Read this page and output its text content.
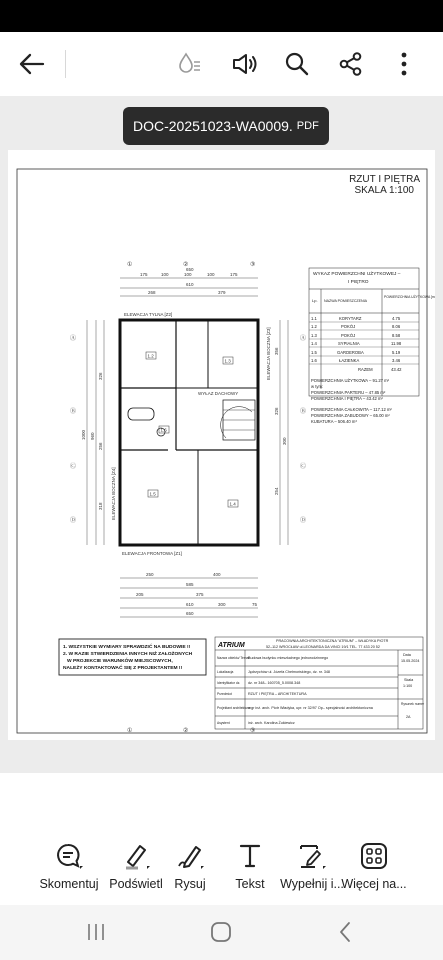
DOC-20251023-WA0009. PDF
RZUT I PIĘTRA
SKALA 1:100
175	100	100	100	175
650
610
268	379
①	②	③
①	②	③
Ⓐ
Ⓑ
Ⓒ
Ⓓ
Ⓐ
Ⓑ
Ⓒ
Ⓓ
1000 960
326
256
318
356
326
254
300
1.2
1.3
1.6
1.5
1.4
WYŁAZ DACHOWY
ELEWACJA TYLNA [Z2]
ELEWACJA FRONTOWA [Z1]
ELEWACJA BOCZNA [Z4]
ELEWACJA BOCZNA [Z3]
250	400
585
205	375
300	75
610
650
WYKAZ POWIERZCHNI UŻYTKOWEJ –
I PIĘTRO
Lp. NAZWA POMIESZCZENIA
POWIERZCHNIA UŻYTKOWA [m²]
1.1	KORYTARZ	4.75
1.2	POKÓJ	8.06
1.3	POKÓJ	8.58
1.4	SYPIALNIA	11.98
1.5	GARDEROBA	5.19
1.6	ŁAZIENKA	3.46
RAZEM	43.42
POWIERZCHNIA UŻYTKOWA – 91.27 m²
w tym:
POWIERZCHNIA PARTERU – 47.85 m²
POWIERZCHNIA I PIĘTRA – 43.42 m²
POWIERZCHNIA CAŁKOWITA – 117.12 m²
POWIERZCHNIA ZABUDOWY – 65.00 m²
KUBATURA – 506.40 m³
1. WSZYSTKIE WYMIARY SPRAWDZIĆ NA BUDOWIE !!
2. W RAZIE STWIERDZENIA INNYCH NIŻ ZAŁOŻONYCH
W PROJEKCIE WARUNKÓW MIEJSCOWYCH,
NALEŻY KONTAKTOWAĆ SIĘ Z PROJEKTANTEM !!
ATRIUM
PRACOWNIA ARCHITEKTONICZNA "ATRIUM" – WŁADYKA PIOTR
52–112 WROCŁAW ul.LEONARDA DA VINCI 19/1 TEL. 77 433 20 52
Data
15.05.2024
Skala
1:100
Rysunek numer
2A
Nazwa obiektu/ Temat
Budowa budynku mieszkalnego jednorodzinnego
Lokalizacja	Jędrzychów ul. Józefa Chełmońskiego, dz. nr. 348
Identyfikator dz. dz. nr 348– 160705_5.0008.348
Przedmiot	RZUT I PIĘTRA – ARCHITEKTURA
Projektant architektura
mgr inż. arch. Piotr Władyka, upr. nr 32/97 Op– specjalność architektoniczna
Asystent	inż. arch. Karolina Żukiewicz
Skomentuj Podświetl Rysuj	Tekst	Wypełnij i...
Więcej na...
